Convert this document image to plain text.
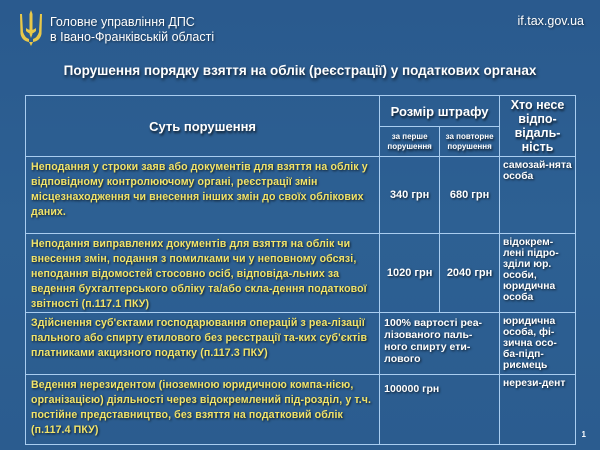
Головне управління ДПС
в Івано-Франківській області
if.tax.gov.ua
Порушення порядку взяття на облік (реєстрації) у податкових органах
Суть порушення	Розмір штрафу		Хто несе відпо-відаль-ність
	за перше порушення	за повторне порушення	
Неподання у строки заяв або документів для взяття на облік у відповідному контролюючому органі, реєстрації змін місцезнаходження чи внесення інших змін до своїх облікових даних.	340 грн	680 грн	самозай-нята особа
Неподання виправлених документів для взяття на облік чи внесення змін, подання з помилками чи у неповному обсязі, неподання відомостей стосовно осіб, відповіда-льних за ведення бухгалтерського обліку та/або скла-дення податкової звітності (п.117.1 ПКУ)	1020 грн	2040 грн	відокрем-лені підро-зділи юр. особи, юридична особа
Здійснення суб'єктами господарювання операцій з реа-лізації пального або спирту етилового без реєстрації та-ких суб'єктів платниками акцизного податку (п.117.3 ПКУ)	100% вартості реа-лізованого паль-ного спирту ети-лового		юридична особа, фі-зична осо-ба-підп-риємець
Ведення нерезидентом (іноземною юридичною компа-нією, організацією) діяльності через відокремлений під-розділ, у т.ч. постійне представництво, без взяття на податковий облік (п.117.4 ПКУ)	100000 грн		нерези-дент
1
